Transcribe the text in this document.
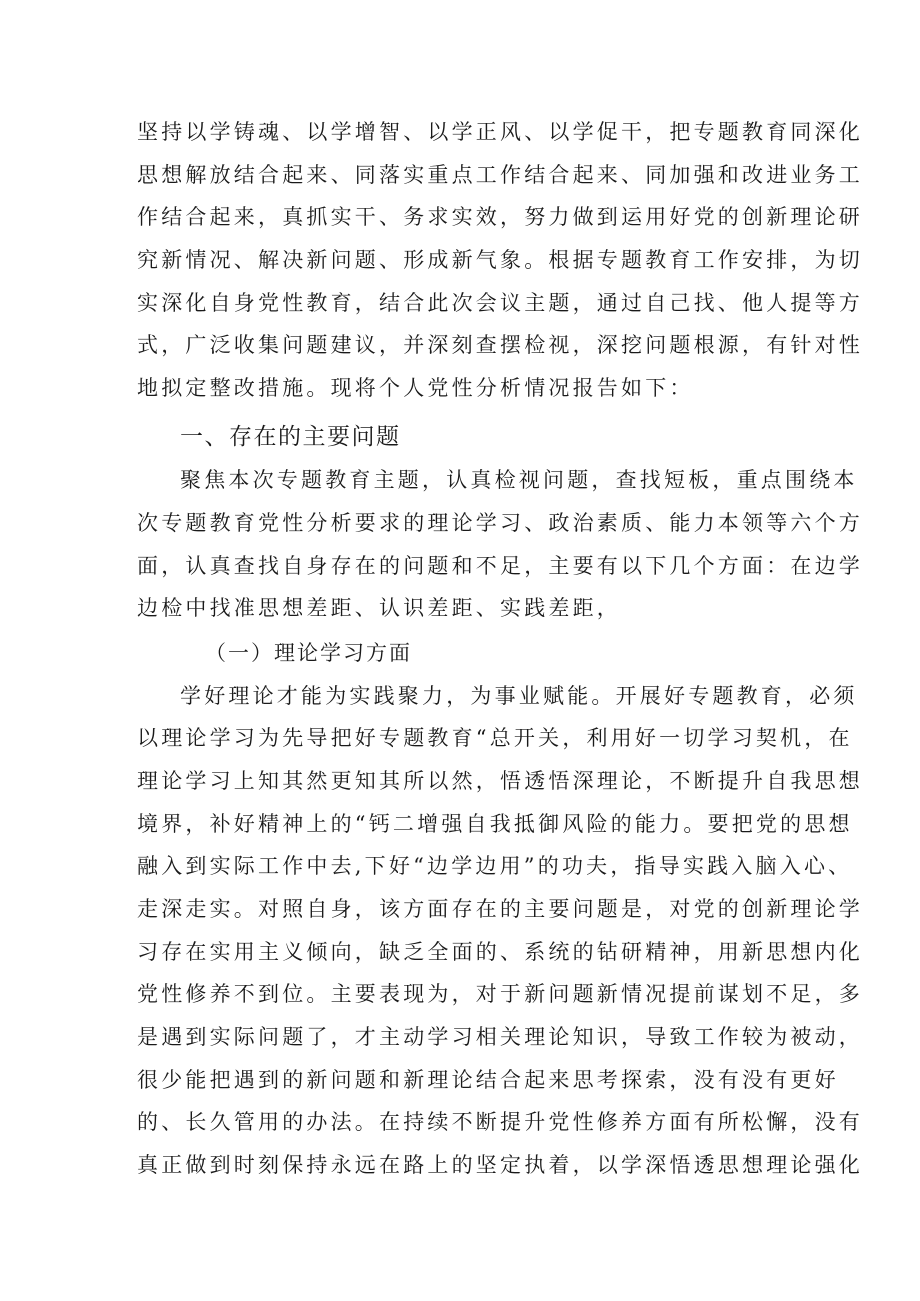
坚持以学铸魂、以学增智、以学正风、以学促干，把专题教育同深化
思想解放结合起来、同落实重点工作结合起来、同加强和改进业务工
作结合起来，真抓实干、务求实效，努力做到运用好党的创新理论研
究新情况、解决新问题、形成新气象。根据专题教育工作安排，为切
实深化自身党性教育，结合此次会议主题，通过自己找、他人提等方
式，广泛收集问题建议，并深刻查摆检视，深挖问题根源，有针对性
地拟定整改措施。现将个人党性分析情况报告如下：
一、存在的主要问题
聚焦本次专题教育主题，认真检视问题，查找短板，重点围绕本
次专题教育党性分析要求的理论学习、政治素质、能力本领等六个方
面，认真查找自身存在的问题和不足，主要有以下几个方面：在边学
边检中找准思想差距、认识差距、实践差距，
（一）理论学习方面
学好理论才能为实践聚力，为事业赋能。开展好专题教育，必须
以理论学习为先导把好专题教育“总开关，利用好一切学习契机，在
理论学习上知其然更知其所以然，悟透悟深理论，不断提升自我思想
境界，补好精神上的“钙二增强自我抵御风险的能力。要把党的思想
融入到实际工作中去,下好“边学边用”的功夫，指导实践入脑入心、
走深走实。对照自身，该方面存在的主要问题是，对党的创新理论学
习存在实用主义倾向，缺乏全面的、系统的钻研精神，用新思想内化
党性修养不到位。主要表现为，对于新问题新情况提前谋划不足，多
是遇到实际问题了，才主动学习相关理论知识，导致工作较为被动，
很少能把遇到的新问题和新理论结合起来思考探索，没有没有更好
的、长久管用的办法。在持续不断提升党性修养方面有所松懈，没有
真正做到时刻保持永远在路上的坚定执着，以学深悟透思想理论强化
